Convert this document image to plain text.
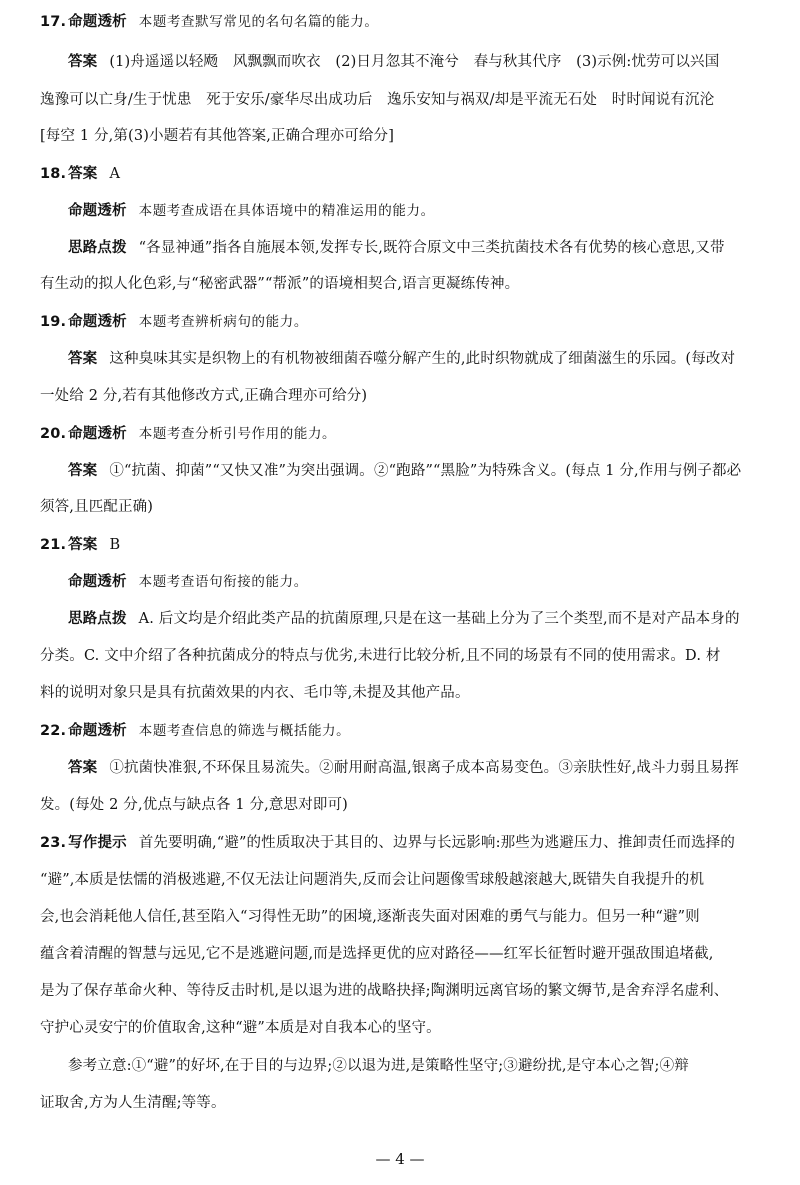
17. 命题透析 本题考查默写常见的名句名篇的能力。
答案 (1)舟遥遥以轻飏　风飘飘而吹衣　(2)日月忽其不淹兮　春与秋其代序　(3)示例:忧劳可以兴国
逸豫可以亡身/生于忧患　死于安乐/豪华尽出成功后　逸乐安知与祸双/却是平流无石处　时时闻说有沉沦
[每空 1 分,第(3)小题若有其他答案,正确合理亦可给分]
18. 答案 A
命题透析 本题考查成语在具体语境中的精准运用的能力。
思路点拨 “各显神通”指各自施展本领,发挥专长,既符合原文中三类抗菌技术各有优势的核心意思,又带
有生动的拟人化色彩,与“秘密武器”“帮派”的语境相契合,语言更凝练传神。
19. 命题透析 本题考查辨析病句的能力。
答案 这种臭味其实是织物上的有机物被细菌吞噬分解产生的,此时织物就成了细菌滋生的乐园。(每改对
一处给 2 分,若有其他修改方式,正确合理亦可给分)
20. 命题透析 本题考查分析引号作用的能力。
答案 ①“抗菌、抑菌”“又快又准”为突出强调。②“跑路”“黑脸”为特殊含义。(每点 1 分,作用与例子都必
须答,且匹配正确)
21. 答案 B
命题透析 本题考查语句衔接的能力。
思路点拨 A. 后文均是介绍此类产品的抗菌原理,只是在这一基础上分为了三个类型,而不是对产品本身的
分类。C. 文中介绍了各种抗菌成分的特点与优劣,未进行比较分析,且不同的场景有不同的使用需求。D. 材
料的说明对象只是具有抗菌效果的内衣、毛巾等,未提及其他产品。
22. 命题透析 本题考查信息的筛选与概括能力。
答案 ①抗菌快准狠,不环保且易流失。②耐用耐高温,银离子成本高易变色。③亲肤性好,战斗力弱且易挥
发。(每处 2 分,优点与缺点各 1 分,意思对即可)
23. 写作提示 首先要明确,“避”的性质取决于其目的、边界与长远影响:那些为逃避压力、推卸责任而选择的
“避”,本质是怯懦的消极逃避,不仅无法让问题消失,反而会让问题像雪球般越滚越大,既错失自我提升的机
会,也会消耗他人信任,甚至陷入“习得性无助”的困境,逐渐丧失面对困难的勇气与能力。但另一种“避”则
蕴含着清醒的智慧与远见,它不是逃避问题,而是选择更优的应对路径——红军长征暂时避开强敌围追堵截,
是为了保存革命火种、等待反击时机,是以退为进的战略抉择;陶渊明远离官场的繁文缛节,是舍弃浮名虚利、
守护心灵安宁的价值取舍,这种“避”本质是对自我本心的坚守。
参考立意:①“避”的好坏,在于目的与边界;②以退为进,是策略性坚守;③避纷扰,是守本心之智;④辩
证取舍,方为人生清醒;等等。
— 4 —
